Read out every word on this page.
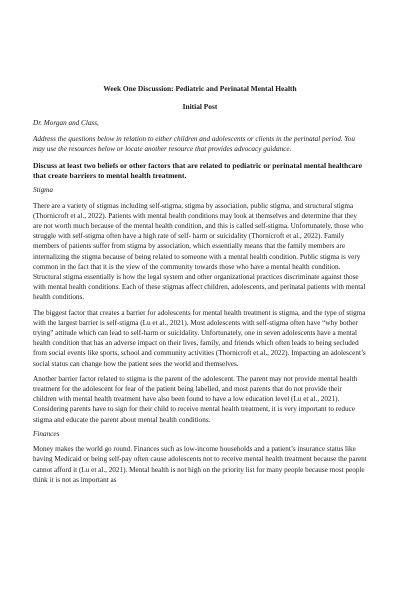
Week One Discussion: Pediatric and Perinatal Mental Health

Initial Post

Dr. Morgan and Class,

Address the questions below in relation to either children and adolescents or clients in the perinatal period. You may use the resources below or locate another resource that provides advocacy guidance.

Discuss at least two beliefs or other factors that are related to pediatric or perinatal mental healthcare that create barriers to mental health treatment.

Stigma

There are a variety of stigmas including self-stigma, stigma by association, public stigma, and structural stigma (Thornicroft et al., 2022). Patients with mental health conditions may look at themselves and determine that they are not worth much because of the mental health condition, and this is called self-stigma. Unfortunately, those who struggle with self-stigma often have a high rate of self- harm or suicidality (Thornicroft et al., 2022). Family members of patients suffer from stigma by association, which essentially means that the family members are internalizing the stigma because of being related to someone with a mental health condition. Public stigma is very common in the fact that it is the view of the community towards those who have a mental health condition. Structural stigma essentially is how the legal system and other organizational practices discriminate against those with mental health conditions. Each of these stigmas affect children, adolescents, and perinatal patients with mental health conditions.

The biggest factor that creates a barrier for adolescents for mental health treatment is stigma, and the type of stigma with the largest barrier is self-stigma (Lu et al., 2021). Most adolescents with self-stigma often have “why bother trying” attitude which can lead to self-harm or suicidality. Unfortunately, one in seven adolescents have a mental health condition that has an adverse impact on their lives, family, and friends which often leads to being secluded from social events like sports, school and community activities (Thornicroft et al., 2022). Impacting an adolescent’s social status can change how the patient sees the world and themselves.

Another barrier factor related to stigma is the parent of the adolescent. The parent may not provide mental health treatment for the adolescent for fear of the patient being labelled, and most parents that do not provide their children with mental health treatment have also been found to have a low education level (Lu et al., 2021). Considering parents have to sign for their child to receive mental health treatment, it is very important to reduce stigma and educate the parent about mental health conditions.

Finances

Money makes the world go round. Finances such as low-income households and a patient’s insurance status like having Medicaid or being self-pay often cause adolescents not to receive mental health treatment because the parent cannot afford it (Lu et al., 2021). Mental health is not high on the priority list for many people because most people think it is not as important as
